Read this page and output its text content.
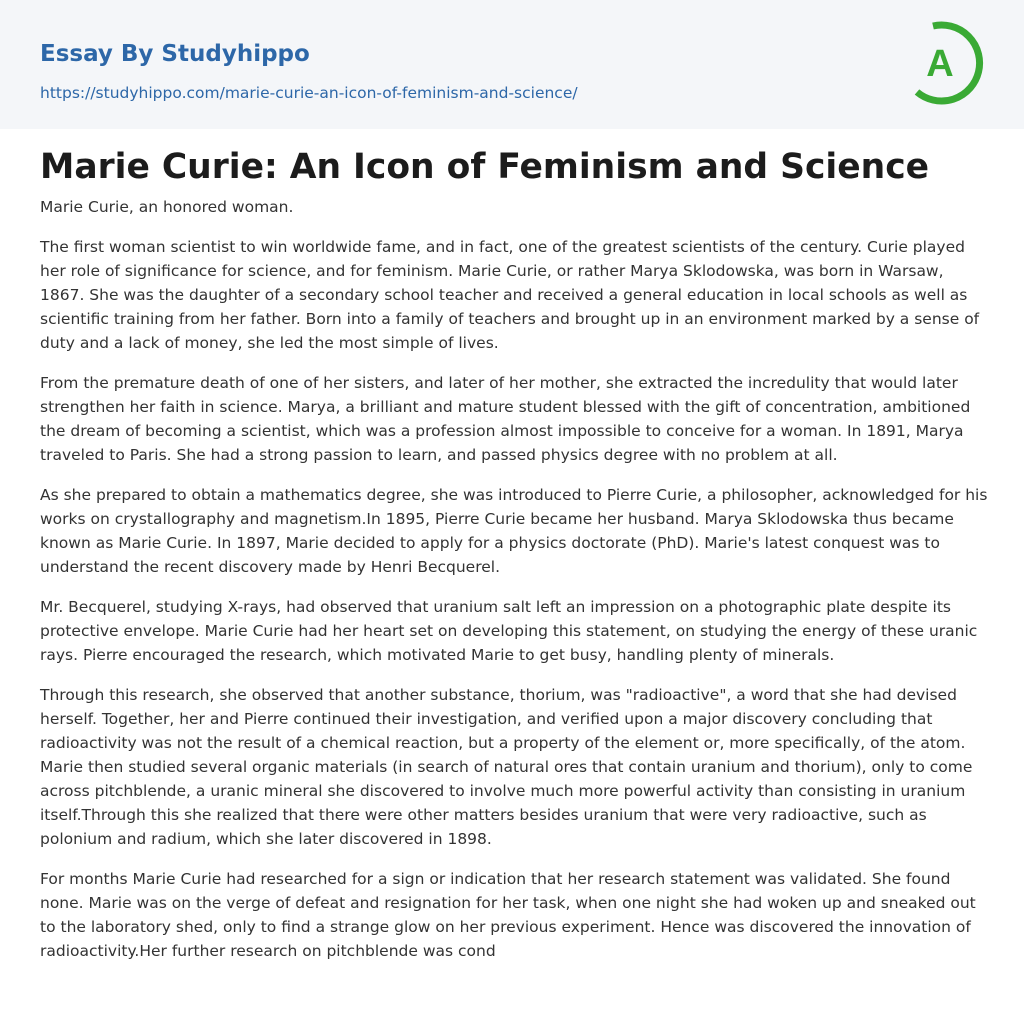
Essay By Studyhippo
https://studyhippo.com/marie-curie-an-icon-of-feminism-and-science/
A
Marie Curie: An Icon of Feminism and Science

Marie Curie, an honored woman.

The first woman scientist to win worldwide fame, and in fact, one of the greatest scientists of the century. Curie played her role of significance for science, and for feminism. Marie Curie, or rather Marya Sklodowska, was born in Warsaw, 1867. She was the daughter of a secondary school teacher and received a general education in local schools as well as scientific training from her father. Born into a family of teachers and brought up in an environment marked by a sense of duty and a lack of money, she led the most simple of lives.

From the premature death of one of her sisters, and later of her mother, she extracted the incredulity that would later strengthen her faith in science. Marya, a brilliant and mature student blessed with the gift of concentration, ambitioned the dream of becoming a scientist, which was a profession almost impossible to conceive for a woman. In 1891, Marya traveled to Paris. She had a strong passion to learn, and passed physics degree with no problem at all.

As she prepared to obtain a mathematics degree, she was introduced to Pierre Curie, a philosopher, acknowledged for his works on crystallography and magnetism.In 1895, Pierre Curie became her husband. Marya Sklodowska thus became known as Marie Curie. In 1897, Marie decided to apply for a physics doctorate (PhD). Marie's latest conquest was to understand the recent discovery made by Henri Becquerel.

Mr. Becquerel, studying X-rays, had observed that uranium salt left an impression on a photographic plate despite its protective envelope. Marie Curie had her heart set on developing this statement, on studying the energy of these uranic rays. Pierre encouraged the research, which motivated Marie to get busy, handling plenty of minerals.

Through this research, she observed that another substance, thorium, was "radioactive", a word that she had devised herself. Together, her and Pierre continued their investigation, and verified upon a major discovery concluding that radioactivity was not the result of a chemical reaction, but a property of the element or, more specifically, of the atom. Marie then studied several organic materials (in search of natural ores that contain uranium and thorium), only to come across pitchblende, a uranic mineral she discovered to involve much more powerful activity than consisting in uranium itself.Through this she realized that there were other matters besides uranium that were very radioactive, such as polonium and radium, which she later discovered in 1898.

For months Marie Curie had researched for a sign or indication that her research statement was validated. She found none. Marie was on the verge of defeat and resignation for her task, when one night she had woken up and sneaked out to the laboratory shed, only to find a strange glow on her previous experiment. Hence was discovered the innovation of radioactivity.Her further research on pitchblende was cond
